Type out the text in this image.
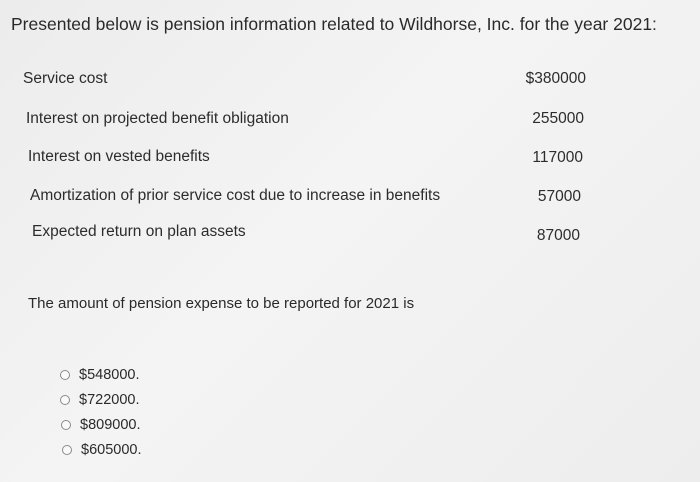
Presented below is pension information related to Wildhorse, Inc. for the year 2021:
Service cost	$380000
Interest on projected benefit obligation	255000
Interest on vested benefits	117000
Amortization of prior service cost due to increase in benefits	57000
Expected return on plan assets	87000
The amount of pension expense to be reported for 2021 is
$548000.
$722000.
$809000.
$605000.
